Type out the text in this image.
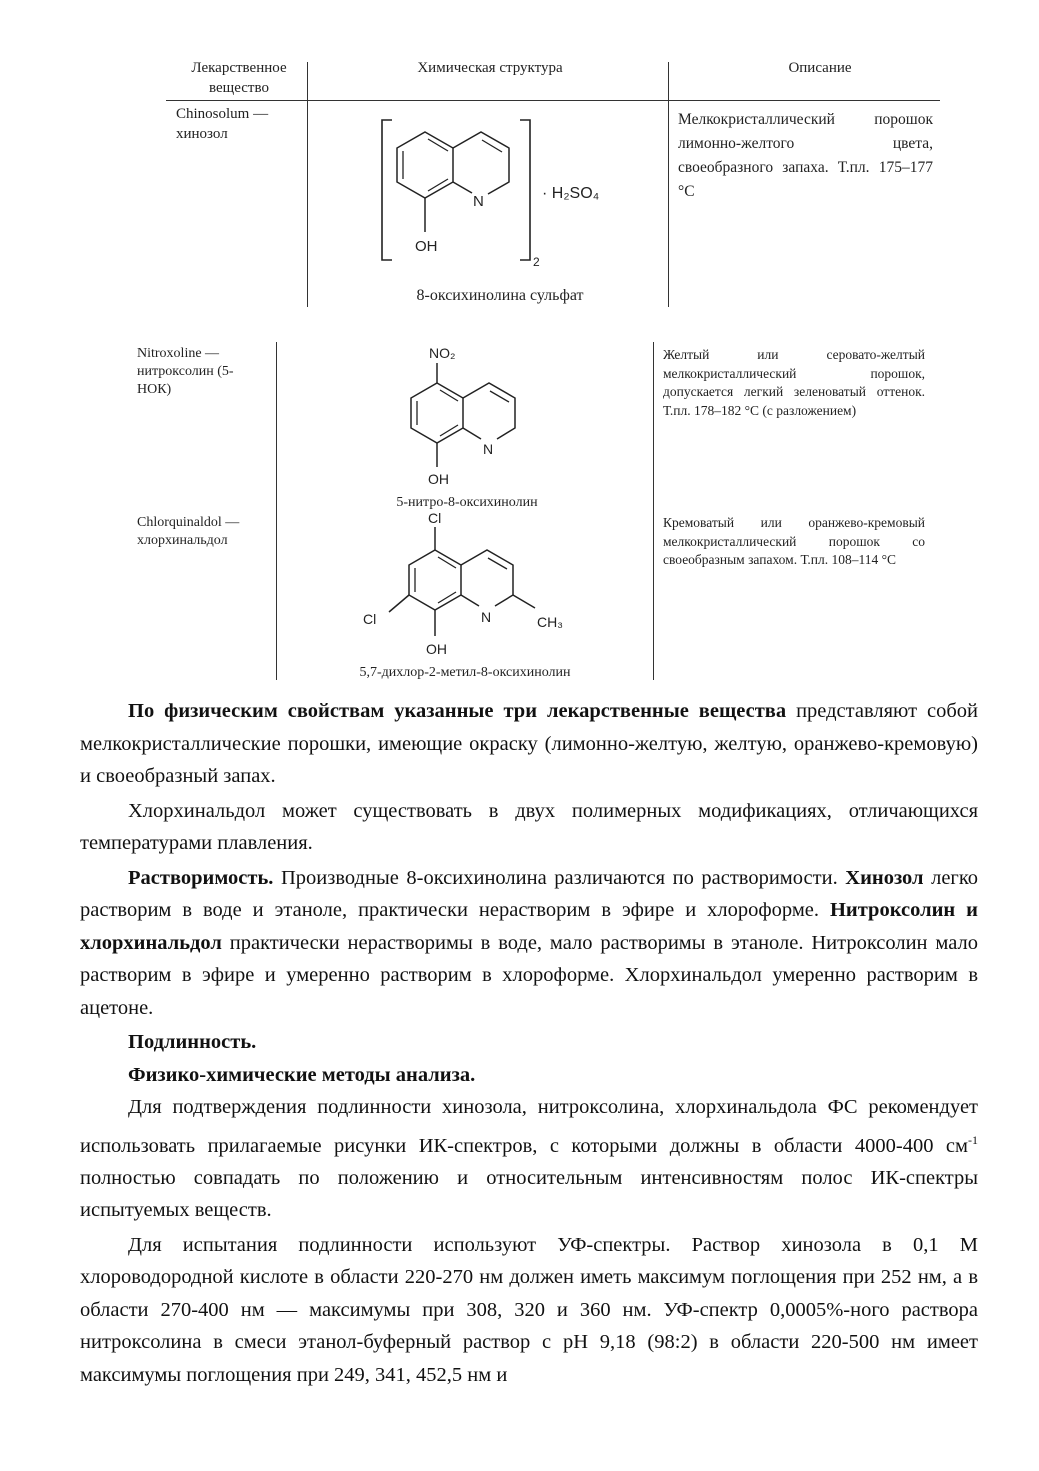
Лекарственное вещество
Химическая структура	Описание
Chinosolum —
хинозол
Мелкокристаллический порошок лимонно-желтого цвета, своеобразного запаха. Т.пл. 175–177 °С
N
OH
2
· H₂SO₄
8-оксихинолина сульфат
Nitroxoline —
нитроксолин (5-НОК)
Желтый или серовато-желтый мелкокристаллический порошок, допускается легкий зеленоватый оттенок. Т.пл. 178–182 °С (с разложением)
NO₂
N
OH
5-нитро-8-оксихинолин
Chlorquinaldol —
хлорхинальдол
Кремоватый или оранжево-кремовый мелкокристаллический порошок со своеобразным запахом. Т.пл. 108–114 °С
Cl
N	CH₃
Cl
OH
5,7-дихлор-2-метил-8-оксихинолин

По физическим свойствам указанные три лекарственные вещества представляют собой мелкокристаллические порошки, имеющие окраску (лимонно-желтую, желтую, оранжево-кремовую) и своеобразный запах.

Хлорхинальдол может существовать в двух полимерных модификациях, отличающихся температурами плавления.

Растворимость. Производные 8-оксихинолина различаются по растворимости. Хинозол легко растворим в воде и этаноле, практически нерастворим в эфире и хлороформе. Нитроксолин и хлорхинальдол практически нерастворимы в воде, мало растворимы в этаноле. Нитроксолин мало растворим в эфире и умеренно растворим в хлороформе. Хлорхинальдол умеренно растворим в ацетоне.

Подлинность.

Физико-химические методы анализа.

Для подтверждения подлинности хинозола, нитроксолина, хлорхинальдола ФС рекомендует использовать прилагаемые рисунки ИК-спектров, с которыми должны в области 4000-400 $см^{-1}$ полностью совпадать по положению и относительным интенсивностям полос ИК-спектры испытуемых веществ.

Для испытания подлинности используют УФ-спектры. Раствор хинозола в 0,1 М хлороводородной кислоте в области 220-270 нм должен иметь максимум поглощения при 252 нм, а в области 270-400 нм — максимумы при 308, 320 и 360 нм. УФ-спектр 0,0005%-ного раствора нитроксолина в смеси этанол-буферный раствор с рН 9,18 (98:2) в области 220-500 нм имеет максимумы поглощения при 249, 341, 452,5 нм и
